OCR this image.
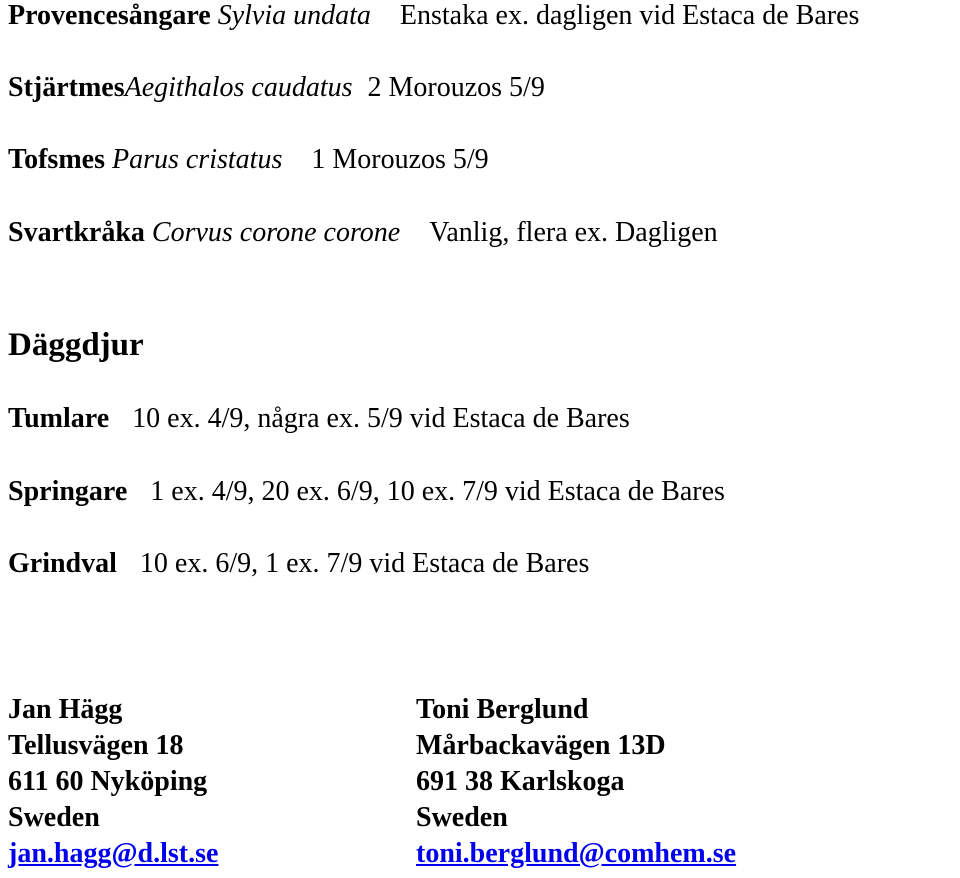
Provencesångare Sylvia undata Enstaka ex. dagligen vid Estaca de Bares
StjärtmesAegithalos caudatus 2 Morouzos 5/9
Tofsmes Parus cristatus 1 Morouzos 5/9
Svartkråka Corvus corone corone Vanlig, flera ex. Dagligen
Däggdjur
Tumlare 10 ex. 4/9, några ex. 5/9 vid Estaca de Bares
Springare 1 ex. 4/9, 20 ex. 6/9, 10 ex. 7/9 vid Estaca de Bares
Grindval 10 ex. 6/9, 1 ex. 7/9 vid Estaca de Bares
Jan Hägg
Tellusvägen 18
611 60 Nyköping
Sweden
jan.hagg@d.lst.se
Toni Berglund
Mårbackavägen 13D
691 38 Karlskoga
Sweden
toni.berglund@comhem.se
